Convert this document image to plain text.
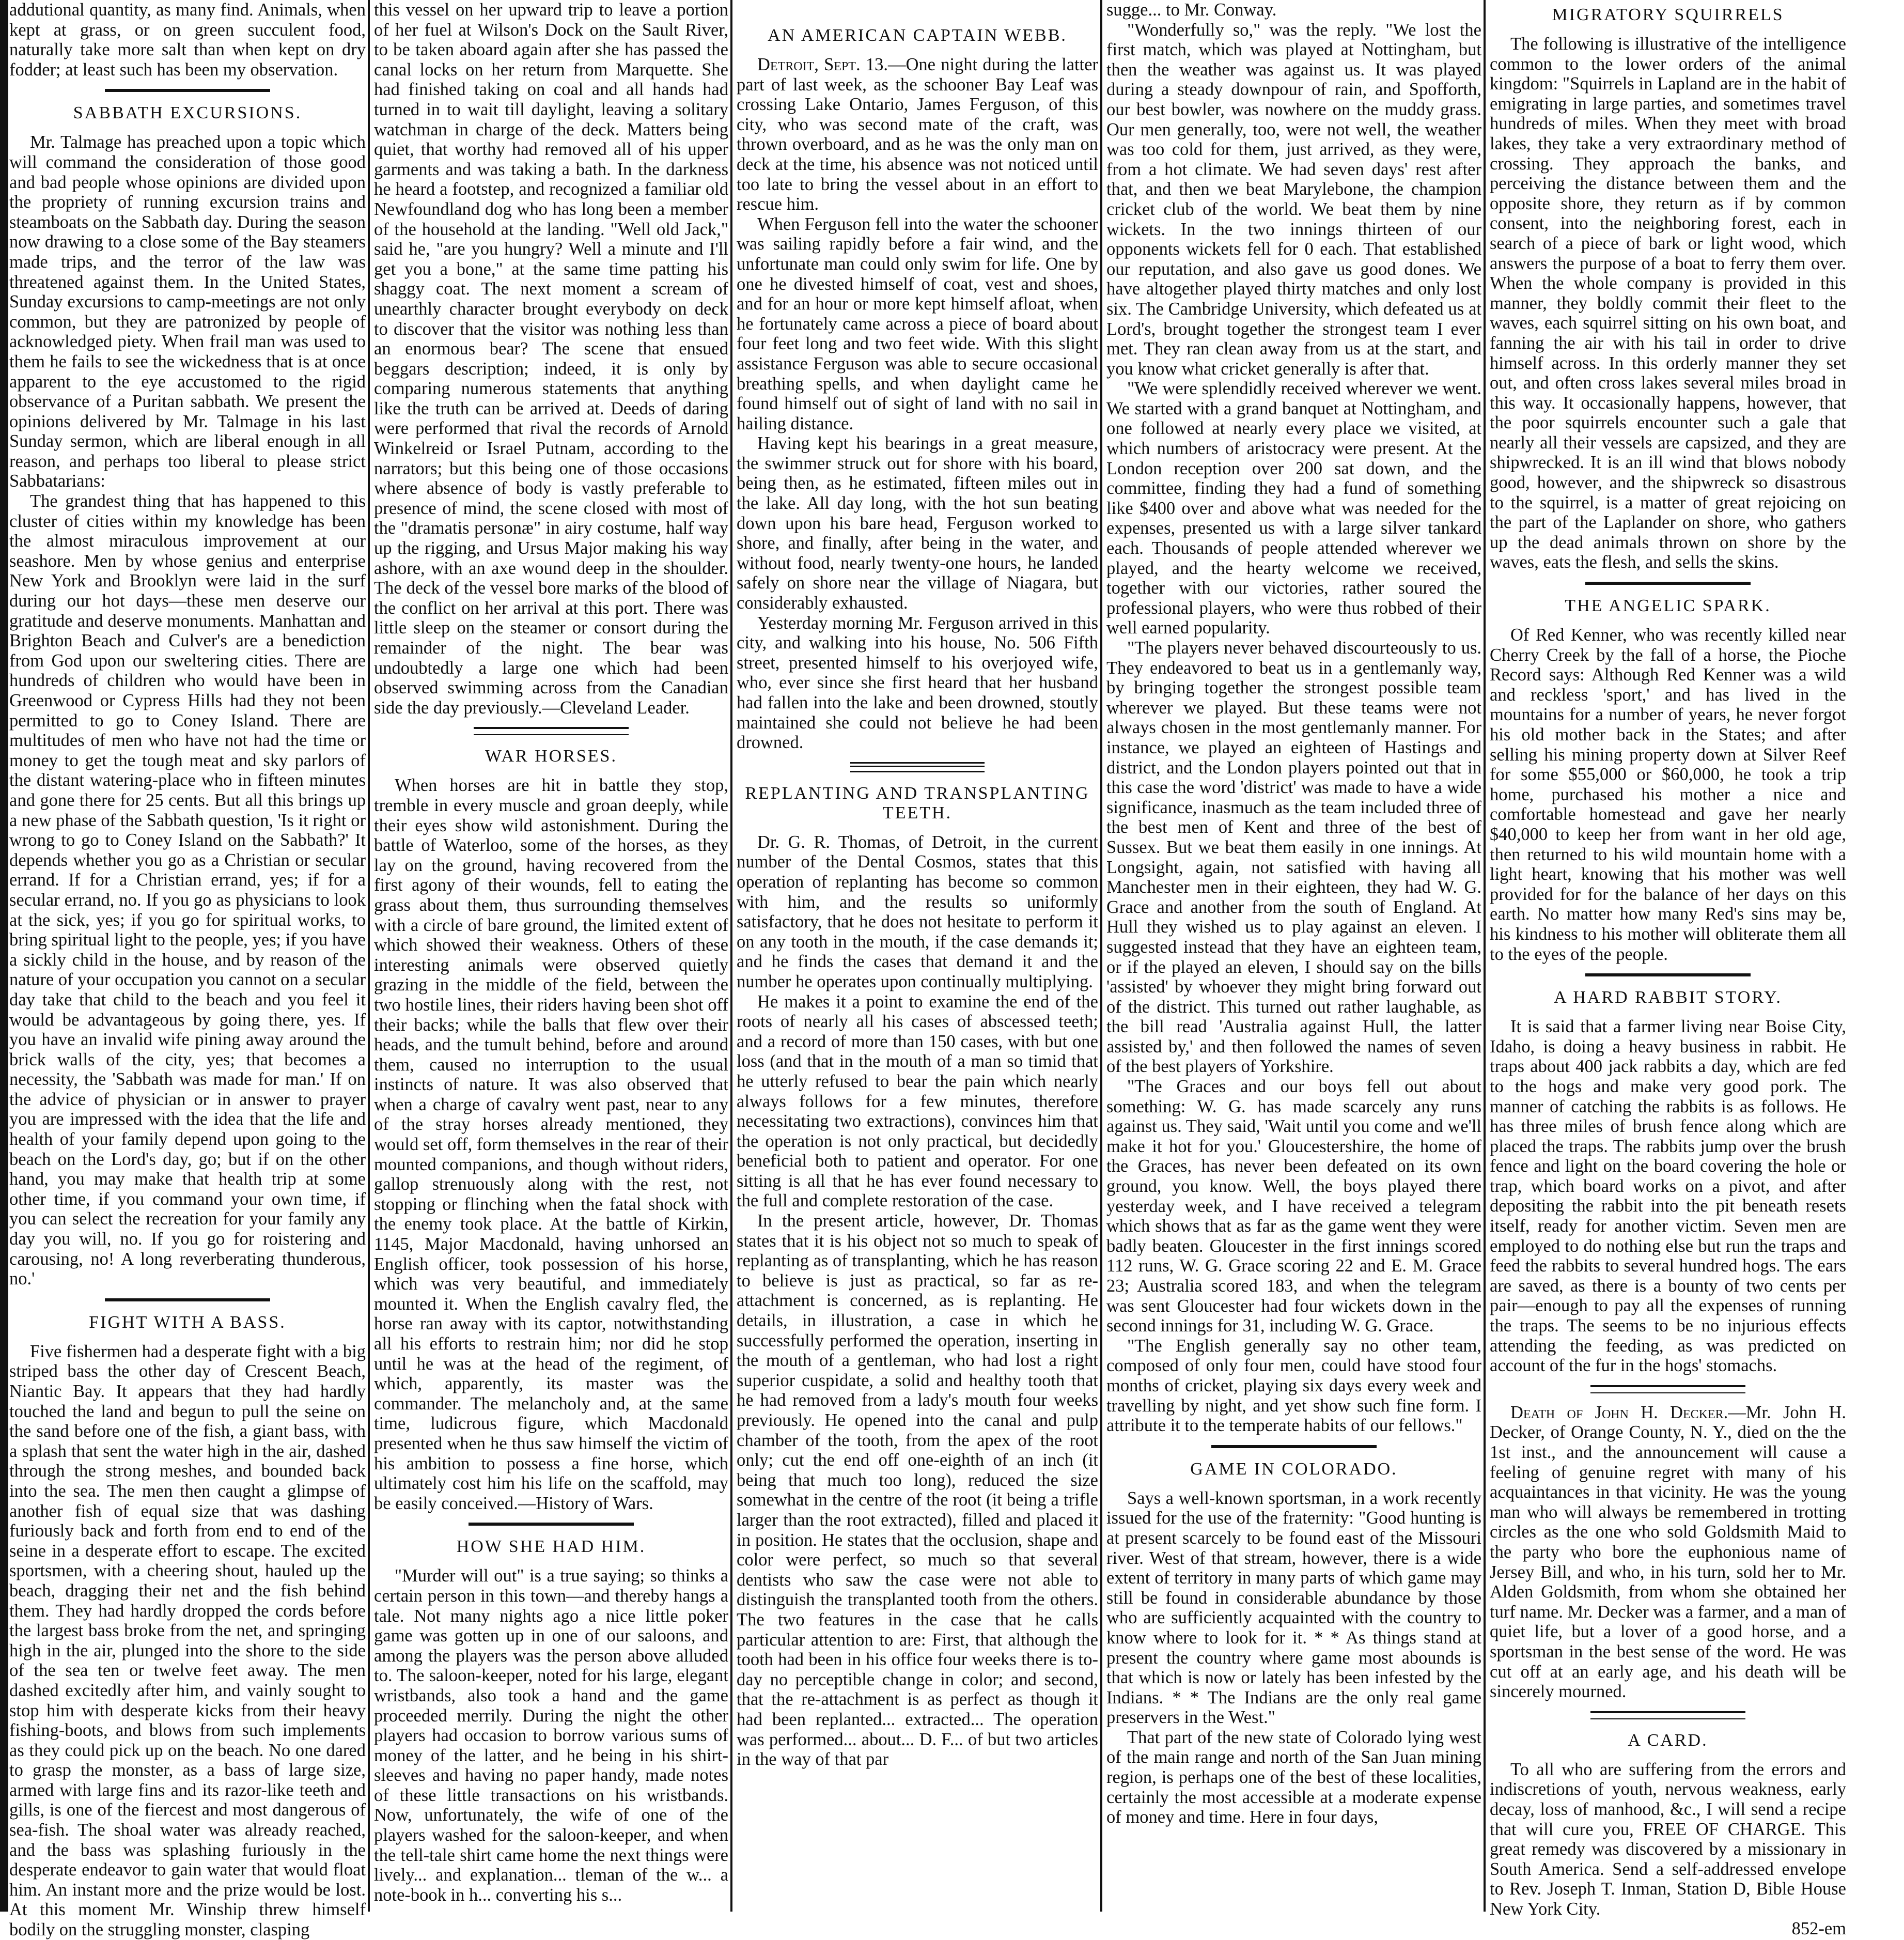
addutional quantity, as many find. Animals, when kept at grass, or on green succulent food, naturally take more salt than when kept on dry fodder; at least such has been my observation.

SABBATH EXCURSIONS.

Mr. Talmage has preached upon a topic which will command the consideration of those good and bad people whose opinions are divided upon the propriety of running excursion trains and steamboats on the Sabbath day. During the season now drawing to a close some of the Bay steamers made trips, and the terror of the law was threatened against them. In the United States, Sunday excursions to camp-meetings are not only common, but they are patronized by people of acknowledged piety. When frail man was used to them he fails to see the wickedness that is at once apparent to the eye accustomed to the rigid observance of a Puritan sabbath. We present the opinions delivered by Mr. Talmage in his last Sunday sermon, which are liberal enough in all reason, and perhaps too liberal to please strict Sabbatarians:

The grandest thing that has happened to this cluster of cities within my knowledge has been the almost miraculous improvement at our seashore. Men by whose genius and enterprise New York and Brooklyn were laid in the surf during our hot days—these men deserve our gratitude and deserve monuments. Manhattan and Brighton Beach and Culver's are a benediction from God upon our sweltering cities. There are hundreds of children who would have been in Greenwood or Cypress Hills had they not been permitted to go to Coney Island. There are multitudes of men who have not had the time or money to get the tough meat and sky parlors of the distant watering-place who in fifteen minutes and gone there for 25 cents. But all this brings up a new phase of the Sabbath question, 'Is it right or wrong to go to Coney Island on the Sabbath?' It depends whether you go as a Christian or secular errand. If for a Christian errand, yes; if for a secular errand, no. If you go as physicians to look at the sick, yes; if you go for spiritual works, to bring spiritual light to the people, yes; if you have a sickly child in the house, and by reason of the nature of your occupation you cannot on a secular day take that child to the beach and you feel it would be advantageous by going there, yes. If you have an invalid wife pining away around the brick walls of the city, yes; that becomes a necessity, the 'Sabbath was made for man.' If on the advice of physician or in answer to prayer you are impressed with the idea that the life and health of your family depend upon going to the beach on the Lord's day, go; but if on the other hand, you may make that health trip at some other time, if you command your own time, if you can select the recreation for your family any day you will, no. If you go for roistering and carousing, no! A long reverberating thunderous, no.'

FIGHT WITH A BASS.

Five fishermen had a desperate fight with a big striped bass the other day of Crescent Beach, Niantic Bay. It appears that they had hardly touched the land and begun to pull the seine on the sand before one of the fish, a giant bass, with a splash that sent the water high in the air, dashed through the strong meshes, and bounded back into the sea. The men then caught a glimpse of another fish of equal size that was dashing furiously back and forth from end to end of the seine in a desperate effort to escape. The excited sportsmen, with a cheering shout, hauled up the beach, dragging their net and the fish behind them. They had hardly dropped the cords before the largest bass broke from the net, and springing high in the air, plunged into the shore to the side of the sea ten or twelve feet away. The men dashed excitedly after him, and vainly sought to stop him with desperate kicks from their heavy fishing-boots, and blows from such implements as they could pick up on the beach. No one dared to grasp the monster, as a bass of large size, armed with large fins and its razor-like teeth and gills, is one of the fiercest and most dangerous of sea-fish. The shoal water was already reached, and the bass was splashing furiously in the desperate endeavor to gain water that would float him. An instant more and the prize would be lost. At this moment Mr. Winship threw himself bodily on the struggling monster, clasping

this vessel on her upward trip to leave a portion of her fuel at Wilson's Dock on the Sault River, to be taken aboard again after she has passed the canal locks on her return from Marquette. She had finished taking on coal and all hands had turned in to wait till daylight, leaving a solitary watchman in charge of the deck. Matters being quiet, that worthy had removed all of his upper garments and was taking a bath. In the darkness he heard a footstep, and recognized a familiar old Newfoundland dog who has long been a member of the household at the landing. "Well old Jack," said he, "are you hungry? Well a minute and I'll get you a bone," at the same time patting his shaggy coat. The next moment a scream of unearthly character brought everybody on deck to discover that the visitor was nothing less than an enormous bear? The scene that ensued beggars description; indeed, it is only by comparing numerous statements that anything like the truth can be arrived at. Deeds of daring were performed that rival the records of Arnold Winkelreid or Israel Putnam, according to the narrators; but this being one of those occasions where absence of body is vastly preferable to presence of mind, the scene closed with most of the "dramatis personæ" in airy costume, half way up the rigging, and Ursus Major making his way ashore, with an axe wound deep in the shoulder. The deck of the vessel bore marks of the blood of the conflict on her arrival at this port. There was little sleep on the steamer or consort during the remainder of the night. The bear was undoubtedly a large one which had been observed swimming across from the Canadian side the day previously.—Cleveland Leader.

WAR HORSES.

When horses are hit in battle they stop, tremble in every muscle and groan deeply, while their eyes show wild astonishment. During the battle of Waterloo, some of the horses, as they lay on the ground, having recovered from the first agony of their wounds, fell to eating the grass about them, thus surrounding themselves with a circle of bare ground, the limited extent of which showed their weakness. Others of these interesting animals were observed quietly grazing in the middle of the field, between the two hostile lines, their riders having been shot off their backs; while the balls that flew over their heads, and the tumult behind, before and around them, caused no interruption to the usual instincts of nature. It was also observed that when a charge of cavalry went past, near to any of the stray horses already mentioned, they would set off, form themselves in the rear of their mounted companions, and though without riders, gallop strenuously along with the rest, not stopping or flinching when the fatal shock with the enemy took place. At the battle of Kirkin, 1145, Major Macdonald, having unhorsed an English officer, took possession of his horse, which was very beautiful, and immediately mounted it. When the English cavalry fled, the horse ran away with its captor, notwithstanding all his efforts to restrain him; nor did he stop until he was at the head of the regiment, of which, apparently, its master was the commander. The melancholy and, at the same time, ludicrous figure, which Macdonald presented when he thus saw himself the victim of his ambition to possess a fine horse, which ultimately cost him his life on the scaffold, may be easily conceived.—History of Wars.

HOW SHE HAD HIM.

"Murder will out" is a true saying; so thinks a certain person in this town—and thereby hangs a tale. Not many nights ago a nice little poker game was gotten up in one of our saloons, and among the players was the person above alluded to. The saloon-keeper, noted for his large, elegant wristbands, also took a hand and the game proceeded merrily. During the night the other players had occasion to borrow various sums of money of the latter, and he being in his shirt-sleeves and having no paper handy, made notes of these little transactions on his wristbands. Now, unfortunately, the wife of one of the players washed for the saloon-keeper, and when the tell-tale shirt came home the next things were lively... and explanation... tleman of the w... a note-book in h... converting his s...

AN AMERICAN CAPTAIN WEBB.

Detroit, Sept. 13.—One night during the latter part of last week, as the schooner Bay Leaf was crossing Lake Ontario, James Ferguson, of this city, who was second mate of the craft, was thrown overboard, and as he was the only man on deck at the time, his absence was not noticed until too late to bring the vessel about in an effort to rescue him.

When Ferguson fell into the water the schooner was sailing rapidly before a fair wind, and the unfortunate man could only swim for life. One by one he divested himself of coat, vest and shoes, and for an hour or more kept himself afloat, when he fortunately came across a piece of board about four feet long and two feet wide. With this slight assistance Ferguson was able to secure occasional breathing spells, and when daylight came he found himself out of sight of land with no sail in hailing distance.

Having kept his bearings in a great measure, the swimmer struck out for shore with his board, being then, as he estimated, fifteen miles out in the lake. All day long, with the hot sun beating down upon his bare head, Ferguson worked to shore, and finally, after being in the water, and without food, nearly twenty-one hours, he landed safely on shore near the village of Niagara, but considerably exhausted.

Yesterday morning Mr. Ferguson arrived in this city, and walking into his house, No. 506 Fifth street, presented himself to his overjoyed wife, who, ever since she first heard that her husband had fallen into the lake and been drowned, stoutly maintained she could not believe he had been drowned.

REPLANTING AND TRANSPLANTING TEETH.

Dr. G. R. Thomas, of Detroit, in the current number of the Dental Cosmos, states that this operation of replanting has become so common with him, and the results so uniformly satisfactory, that he does not hesitate to perform it on any tooth in the mouth, if the case demands it; and he finds the cases that demand it and the number he operates upon continually multiplying.

He makes it a point to examine the end of the roots of nearly all his cases of abscessed teeth; and a record of more than 150 cases, with but one loss (and that in the mouth of a man so timid that he utterly refused to bear the pain which nearly always follows for a few minutes, therefore necessitating two extractions), convinces him that the operation is not only practical, but decidedly beneficial both to patient and operator. For one sitting is all that he has ever found necessary to the full and complete restoration of the case.

In the present article, however, Dr. Thomas states that it is his object not so much to speak of replanting as of transplanting, which he has reason to believe is just as practical, so far as re-attachment is concerned, as is replanting. He details, in illustration, a case in which he successfully performed the operation, inserting in the mouth of a gentleman, who had lost a right superior cuspidate, a solid and healthy tooth that he had removed from a lady's mouth four weeks previously. He opened into the canal and pulp chamber of the tooth, from the apex of the root only; cut the end off one-eighth of an inch (it being that much too long), reduced the size somewhat in the centre of the root (it being a trifle larger than the root extracted), filled and placed it in position. He states that the occlusion, shape and color were perfect, so much so that several dentists who saw the case were not able to distinguish the transplanted tooth from the others. The two features in the case that he calls particular attention to are: First, that although the tooth had been in his office four weeks there is to-day no perceptible change in color; and second, that the re-attachment is as perfect as though it had been replanted... extracted... The operation was performed... about... D. F... of but two articles in the way of that par

sugge... to Mr. Conway.

"Wonderfully so," was the reply. "We lost the first match, which was played at Nottingham, but then the weather was against us. It was played during a steady downpour of rain, and Spofforth, our best bowler, was nowhere on the muddy grass. Our men generally, too, were not well, the weather was too cold for them, just arrived, as they were, from a hot climate. We had seven days' rest after that, and then we beat Marylebone, the champion cricket club of the world. We beat them by nine wickets. In the two innings thirteen of our opponents wickets fell for 0 each. That established our reputation, and also gave us good dones. We have altogether played thirty matches and only lost six. The Cambridge University, which defeated us at Lord's, brought together the strongest team I ever met. They ran clean away from us at the start, and you know what cricket generally is after that.

"We were splendidly received wherever we went. We started with a grand banquet at Nottingham, and one followed at nearly every place we visited, at which numbers of aristocracy were present. At the London reception over 200 sat down, and the committee, finding they had a fund of something like $400 over and above what was needed for the expenses, presented us with a large silver tankard each. Thousands of people attended wherever we played, and the hearty welcome we received, together with our victories, rather soured the professional players, who were thus robbed of their well earned popularity.

"The players never behaved discourteously to us. They endeavored to beat us in a gentlemanly way, by bringing together the strongest possible team wherever we played. But these teams were not always chosen in the most gentlemanly manner. For instance, we played an eighteen of Hastings and district, and the London players pointed out that in this case the word 'district' was made to have a wide significance, inasmuch as the team included three of the best men of Kent and three of the best of Sussex. But we beat them easily in one innings. At Longsight, again, not satisfied with having all Manchester men in their eighteen, they had W. G. Grace and another from the south of England. At Hull they wished us to play against an eleven. I suggested instead that they have an eighteen team, or if the played an eleven, I should say on the bills 'assisted' by whoever they might bring forward out of the district. This turned out rather laughable, as the bill read 'Australia against Hull, the latter assisted by,' and then followed the names of seven of the best players of Yorkshire.

"The Graces and our boys fell out about something: W. G. has made scarcely any runs against us. They said, 'Wait until you come and we'll make it hot for you.' Gloucestershire, the home of the Graces, has never been defeated on its own ground, you know. Well, the boys played there yesterday week, and I have received a telegram which shows that as far as the game went they were badly beaten. Gloucester in the first innings scored 112 runs, W. G. Grace scoring 22 and E. M. Grace 23; Australia scored 183, and when the telegram was sent Gloucester had four wickets down in the second innings for 31, including W. G. Grace.

"The English generally say no other team, composed of only four men, could have stood four months of cricket, playing six days every week and travelling by night, and yet show such fine form. I attribute it to the temperate habits of our fellows."

GAME IN COLORADO.

Says a well-known sportsman, in a work recently issued for the use of the fraternity: "Good hunting is at present scarcely to be found east of the Missouri river. West of that stream, however, there is a wide extent of territory in many parts of which game may still be found in considerable abundance by those who are sufficiently acquainted with the country to know where to look for it. * * As things stand at present the country where game most abounds is that which is now or lately has been infested by the Indians. * * The Indians are the only real game preservers in the West."

That part of the new state of Colorado lying west of the main range and north of the San Juan mining region, is perhaps one of the best of these localities, certainly the most accessible at a moderate expense of money and time. Here in four days,

MIGRATORY SQUIRRELS

The following is illustrative of the intelligence common to the lower orders of the animal kingdom: "Squirrels in Lapland are in the habit of emigrating in large parties, and sometimes travel hundreds of miles. When they meet with broad lakes, they take a very extraordinary method of crossing. They approach the banks, and perceiving the distance between them and the opposite shore, they return as if by common consent, into the neighboring forest, each in search of a piece of bark or light wood, which answers the purpose of a boat to ferry them over. When the whole company is provided in this manner, they boldly commit their fleet to the waves, each squirrel sitting on his own boat, and fanning the air with his tail in order to drive himself across. In this orderly manner they set out, and often cross lakes several miles broad in this way. It occasionally happens, however, that the poor squirrels encounter such a gale that nearly all their vessels are capsized, and they are shipwrecked. It is an ill wind that blows nobody good, however, and the shipwreck so disastrous to the squirrel, is a matter of great rejoicing on the part of the Laplander on shore, who gathers up the dead animals thrown on shore by the waves, eats the flesh, and sells the skins.

THE ANGELIC SPARK.

Of Red Kenner, who was recently killed near Cherry Creek by the fall of a horse, the Pioche Record says: Although Red Kenner was a wild and reckless 'sport,' and has lived in the mountains for a number of years, he never forgot his old mother back in the States; and after selling his mining property down at Silver Reef for some $55,000 or $60,000, he took a trip home, purchased his mother a nice and comfortable homestead and gave her nearly $40,000 to keep her from want in her old age, then returned to his wild mountain home with a light heart, knowing that his mother was well provided for for the balance of her days on this earth. No matter how many Red's sins may be, his kindness to his mother will obliterate them all to the eyes of the people.

A HARD RABBIT STORY.

It is said that a farmer living near Boise City, Idaho, is doing a heavy business in rabbit. He traps about 400 jack rabbits a day, which are fed to the hogs and make very good pork. The manner of catching the rabbits is as follows. He has three miles of brush fence along which are placed the traps. The rabbits jump over the brush fence and light on the board covering the hole or trap, which board works on a pivot, and after depositing the rabbit into the pit beneath resets itself, ready for another victim. Seven men are employed to do nothing else but run the traps and feed the rabbits to several hundred hogs. The ears are saved, as there is a bounty of two cents per pair—enough to pay all the expenses of running the traps. The seems to be no injurious effects attending the feeding, as was predicted on account of the fur in the hogs' stomachs.

Death of John H. Decker.—Mr. John H. Decker, of Orange County, N. Y., died on the the 1st inst., and the announcement will cause a feeling of genuine regret with many of his acquaintances in that vicinity. He was the young man who will always be remembered in trotting circles as the one who sold Goldsmith Maid to the party who bore the euphonious name of Jersey Bill, and who, in his turn, sold her to Mr. Alden Goldsmith, from whom she obtained her turf name. Mr. Decker was a farmer, and a man of quiet life, but a lover of a good horse, and a sportsman in the best sense of the word. He was cut off at an early age, and his death will be sincerely mourned.

A CARD.

To all who are suffering from the errors and indiscretions of youth, nervous weakness, early decay, loss of manhood, &c., I will send a recipe that will cure you, FREE OF CHARGE. This great remedy was discovered by a missionary in South America. Send a self-addressed envelope to Rev. Joseph T. Inman, Station D, Bible House New York City.

852-em
